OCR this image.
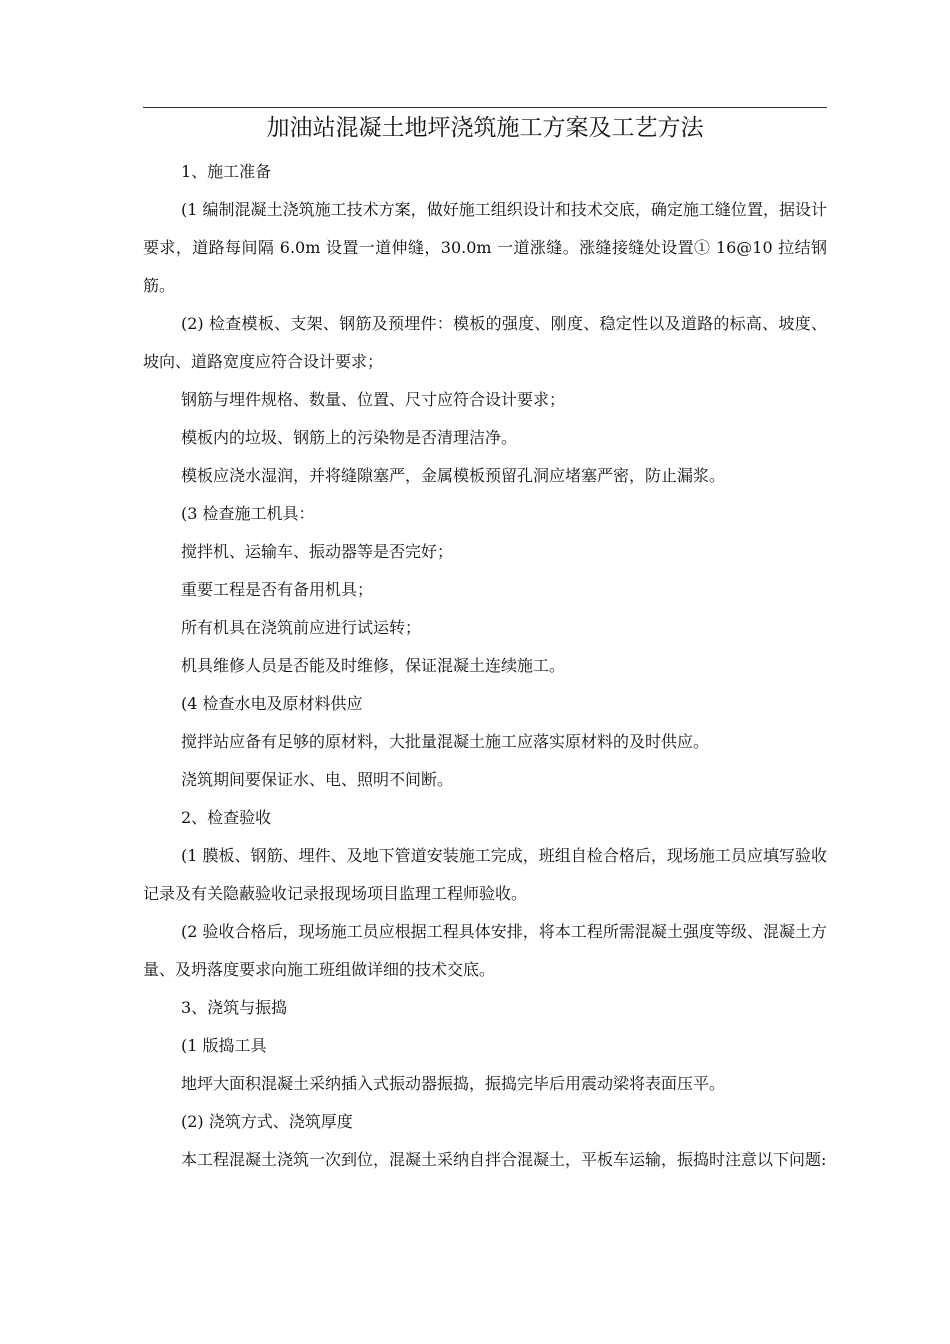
加油站混凝土地坪浇筑施工方案及工艺方法

1、施工准备

(1 编制混凝土浇筑施工技术方案，做好施工组织设计和技术交底，确定施工缝位置，据设计要求，道路每间隔 6.0m 设置一道伸缝，30.0m 一道涨缝。涨缝接缝处设置① 16@10 拉结钢筋。

(2) 检查模板、支架、钢筋及预埋件：模板的强度、刚度、稳定性以及道路的标高、坡度、坡向、道路宽度应符合设计要求；

钢筋与埋件规格、数量、位置、尺寸应符合设计要求；

模板内的垃圾、钢筋上的污染物是否清理洁净。

模板应浇水湿润，并将缝隙塞严，金属模板预留孔洞应堵塞严密，防止漏浆。

(3 检查施工机具：

搅拌机、运输车、振动器等是否完好；

重要工程是否有备用机具；

所有机具在浇筑前应进行试运转；

机具维修人员是否能及时维修，保证混凝土连续施工。

(4 检查水电及原材料供应

搅拌站应备有足够的原材料，大批量混凝土施工应落实原材料的及时供应。

浇筑期间要保证水、电、照明不间断。

2、检查验收

(1 膜板、钢筋、埋件、及地下管道安装施工完成，班组自检合格后，现场施工员应填写验收记录及有关隐蔽验收记录报现场项目监理工程师验收。

(2 验收合格后，现场施工员应根据工程具体安排，将本工程所需混凝土强度等级、混凝土方量、及坍落度要求向施工班组做详细的技术交底。

3、浇筑与振捣

(1 版捣工具

地坪大面积混凝土采纳插入式振动器振捣，振捣完毕后用震动梁将表面压平。

(2) 浇筑方式、浇筑厚度

本工程混凝土浇筑一次到位，混凝土采纳自拌合混凝土，平板车运输，振捣时注意以下问题:
